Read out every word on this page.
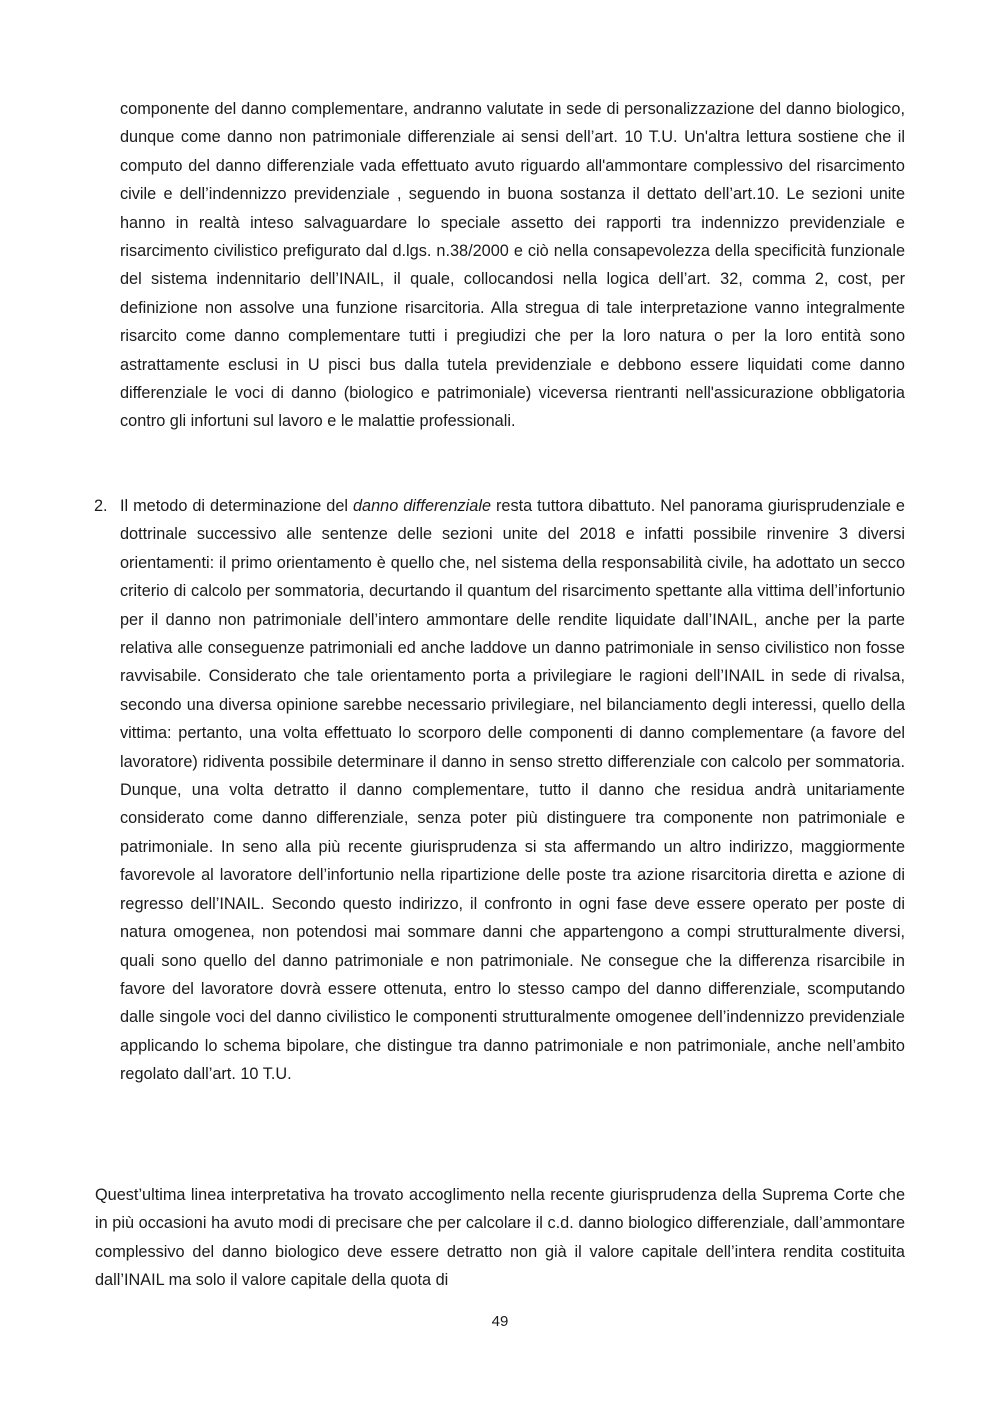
componente del danno complementare, andranno valutate in sede di personalizzazione del danno biologico, dunque come danno non patrimoniale differenziale ai sensi dell’art. 10 T.U. Un'altra lettura sostiene che il computo del danno differenziale vada effettuato avuto riguardo all'ammontare complessivo del risarcimento civile e dell’indennizzo previdenziale , seguendo in buona sostanza il dettato dell’art.10. Le sezioni unite hanno in realtà inteso salvaguardare lo speciale assetto dei rapporti tra indennizzo previdenziale e risarcimento civilistico prefigurato dal d.lgs. n.38/2000 e ciò nella consapevolezza della specificità funzionale del sistema indennitario dell’INAIL, il quale, collocandosi nella logica dell’art. 32, comma 2, cost, per definizione non assolve una funzione risarcitoria. Alla stregua di tale interpretazione vanno integralmente risarcito come danno complementare tutti i pregiudizi che per la loro natura o per la loro entità sono astrattamente esclusi in U pisci bus dalla tutela previdenziale e debbono essere liquidati come danno differenziale le voci di danno (biologico e patrimoniale) viceversa rientranti nell'assicurazione obbligatoria contro gli infortuni sul lavoro e le malattie professionali.

2. Il metodo di determinazione del danno differenziale resta tuttora dibattuto. Nel panorama giurisprudenziale e dottrinale successivo alle sentenze delle sezioni unite del 2018 e infatti possibile rinvenire 3 diversi orientamenti: il primo orientamento è quello che, nel sistema della responsabilità civile, ha adottato un secco criterio di calcolo per sommatoria, decurtando il quantum del risarcimento spettante alla vittima dell’infortunio per il danno non patrimoniale dell’intero ammontare delle rendite liquidate dall’INAIL, anche per la parte relativa alle conseguenze patrimoniali ed anche laddove un danno patrimoniale in senso civilistico non fosse ravvisabile. Considerato che tale orientamento porta a privilegiare le ragioni dell’INAIL in sede di rivalsa, secondo una diversa opinione sarebbe necessario privilegiare, nel bilanciamento degli interessi, quello della vittima: pertanto, una volta effettuato lo scorporo delle componenti di danno complementare (a favore del lavoratore) ridiventa possibile determinare il danno in senso stretto differenziale con calcolo per sommatoria. Dunque, una volta detratto il danno complementare, tutto il danno che residua andrà unitariamente considerato come danno differenziale, senza poter più distinguere tra componente non patrimoniale e patrimoniale. In seno alla più recente giurisprudenza si sta affermando un altro indirizzo, maggiormente favorevole al lavoratore dell’infortunio nella ripartizione delle poste tra azione risarcitoria diretta e azione di regresso dell’INAIL. Secondo questo indirizzo, il confronto in ogni fase deve essere operato per poste di natura omogenea, non potendosi mai sommare danni che appartengono a compi strutturalmente diversi, quali sono quello del danno patrimoniale e non patrimoniale. Ne consegue che la differenza risarcibile in favore del lavoratore dovrà essere ottenuta, entro lo stesso campo del danno differenziale, scomputando dalle singole voci del danno civilistico le componenti strutturalmente omogenee dell’indennizzo previdenziale applicando lo schema bipolare, che distingue tra danno patrimoniale e non patrimoniale, anche nell’ambito regolato dall’art. 10 T.U.

Quest’ultima linea interpretativa ha trovato accoglimento nella recente giurisprudenza della Suprema Corte che in più occasioni ha avuto modi di precisare che per calcolare il c.d. danno biologico differenziale, dall’ammontare complessivo del danno biologico deve essere detratto non già il valore capitale dell’intera rendita costituita dall’INAIL ma solo il valore capitale della quota di

49
